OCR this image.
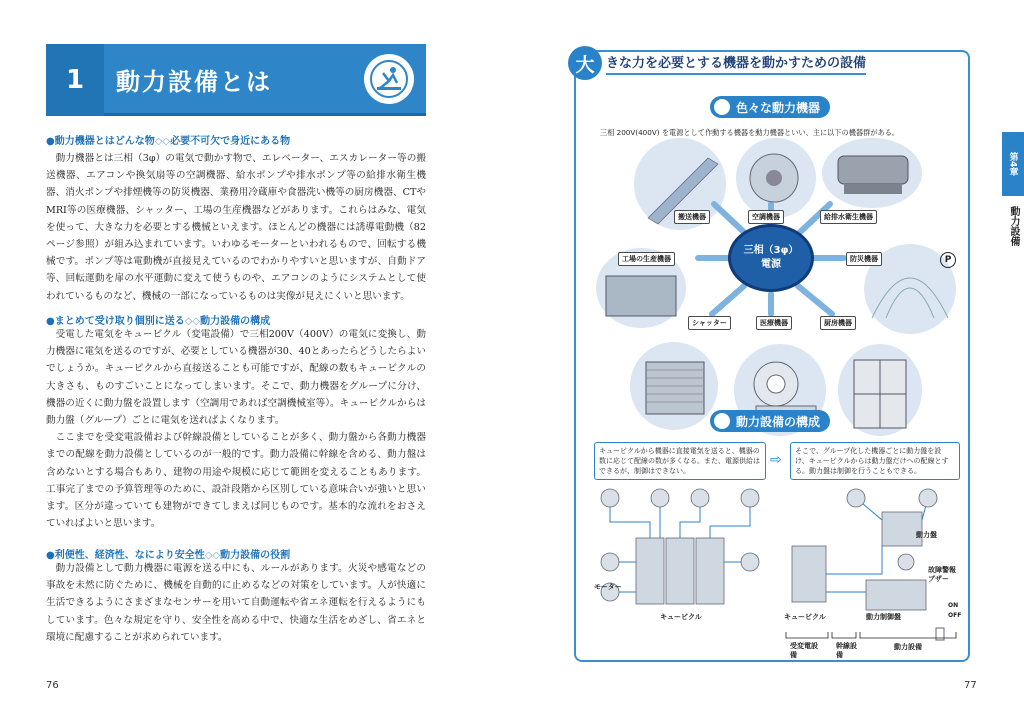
1	動力設備とは
●動力機器とはどんな物◇◇必要不可欠で身近にある物

動力機器とは三相（3φ）の電気で動かす物で、エレベーター、エスカレーター等の搬送機器、エアコンや換気扇等の空調機器、給水ポンプや排水ポンプ等の給排水衛生機器、消火ポンプや排煙機等の防災機器、業務用冷蔵庫や食器洗い機等の厨房機器、CTやMRI等の医療機器、シャッター、工場の生産機器などがあります。これらはみな、電気を使って、大きな力を必要とする機械といえます。ほとんどの機器には誘導電動機（82ページ参照）が組み込まれています。いわゆるモーターといわれるもので、回転する機械です。ポンプ等は電動機が直接見えているのでわかりやすいと思いますが、自動ドア等、回転運動を扉の水平運動に変えて使うものや、エアコンのようにシステムとして使われているものなど、機械の一部になっているものは実像が見えにくいと思います。

●まとめて受け取り個別に送る◇◇動力設備の構成

受電した電気をキュービクル（変電設備）で三相200V（400V）の電気に変換し、動力機器に電気を送るのですが、必要としている機器が30、40とあったらどうしたらよいでしょうか。キュービクルから直接送ることも可能ですが、配線の数もキュービクルの大きさも、ものすごいことになってしまいます。そこで、動力機器をグループに分け、機器の近くに動力盤を設置します（空調用であれば空調機械室等）。キュービクルからは動力盤（グループ）ごとに電気を送ればよくなります。

ここまでを受変電設備および幹線設備としていることが多く、動力盤から各動力機器までの配線を動力設備としているのが一般的です。動力設備に幹線を含める、動力盤は含めないとする場合もあり、建物の用途や規模に応じて範囲を変えることもあります。工事完了までの予算管理等のために、設計段階から区別している意味合いが強いと思います。区分が違っていても建物ができてしまえば同じものです。基本的な流れをおさえていればよいと思います。

●利便性、経済性、なにより安全性◇◇動力設備の役割

動力設備として動力機器に電源を送る中にも、ルールがあります。火災や感電などの事故を未然に防ぐために、機械を自動的に止めるなどの対策をしています。人が快適に生活できるようにさまざまなセンサーを用いて自動運転や省エネ運転を行えるようにもしています。色々な規定を守り、安全性を高める中で、快適な生活をめざし、省エネと環境に配慮することが求められています。

76
大 きな力を必要とする機器を動かすための設備
色々な動力機器
三相 200V(400V) を電源として作動する機器を動力機器といい、主に以下の機器群がある。
三相（3φ）
電源
搬送機器	空調機器	給排水衛生機器
工場の生産機器	防災機器
シャッター	医療機器	厨房機器
P
動力設備の構成
キュービクルから機器に直接電気を送ると、機器の数に応じて配線の数が多くなる。また、電源供給はできるが、制御はできない。
⇨
そこで、グループ化した機器ごとに動力盤を設け、キュービクルからは動力盤だけへの配線とする。動力盤は制御を行うこともできる。
モーター
キュービクル	キュービクル
動力盤
故障警報ブザー
動力制御盤
ON
OFF
受変電設備
幹線設備
動力設備
第4章
動力設備
77
